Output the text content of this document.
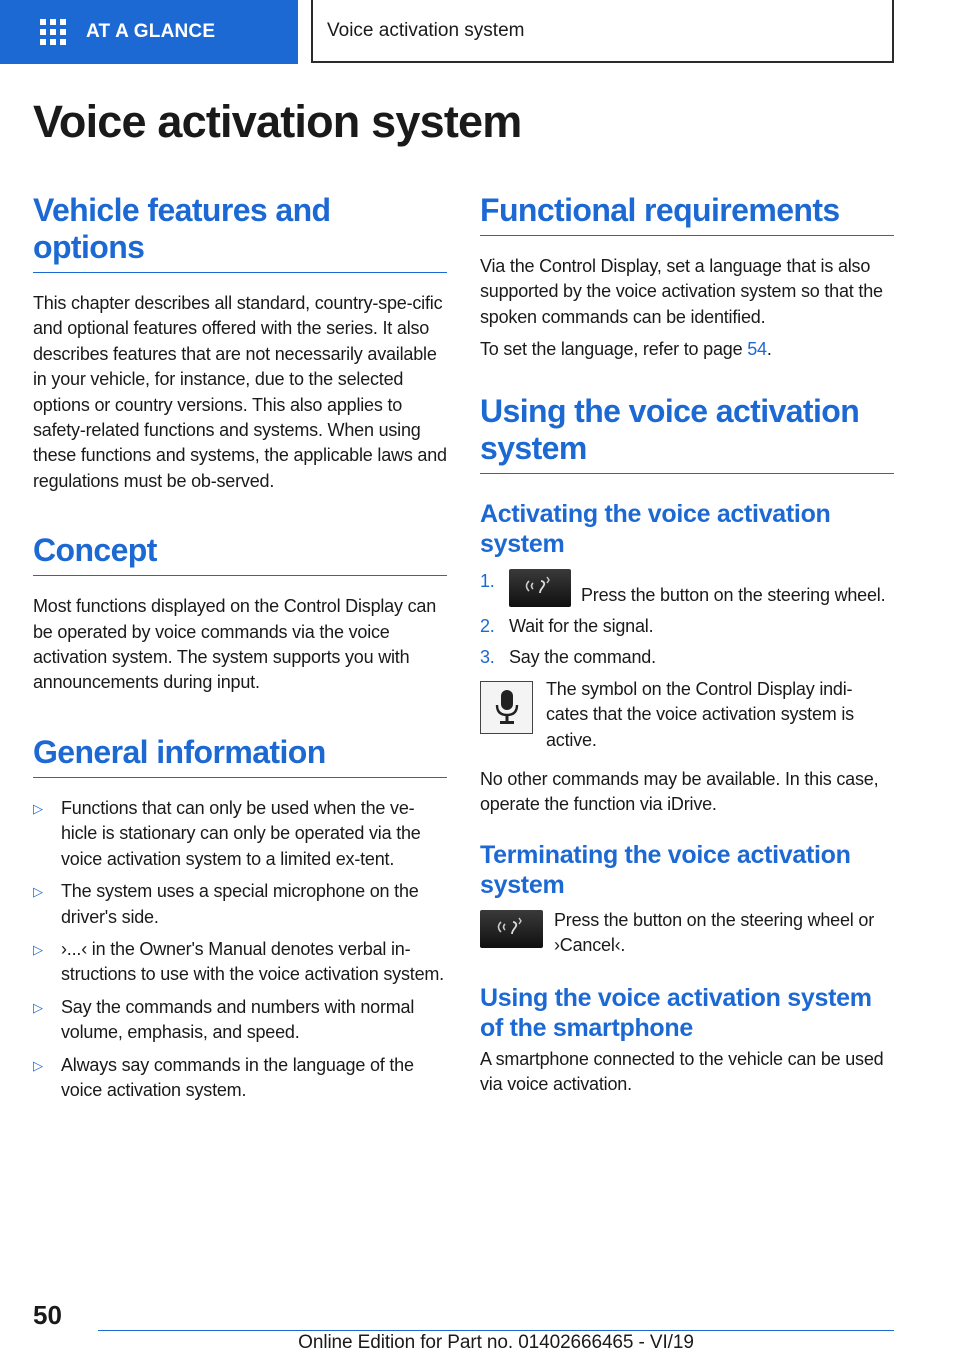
AT A GLANCE	Voice activation system
Voice activation system
Vehicle features and options

This chapter describes all standard, country-spe-cific and optional features offered with the series. It also describes features that are not necessarily available in your vehicle, for instance, due to the selected options or country versions. This also applies to safety-related functions and systems. When using these functions and systems, the applicable laws and regulations must be ob-served.

Concept

Most functions displayed on the Control Display can be operated by voice commands via the voice activation system. The system supports you with announcements during input.

General information
▷ Functions that can only be used when the ve-hicle is stationary can only be operated via the voice activation system to a limited ex-tent.
▷ The system uses a special microphone on the driver's side.
▷ ›...‹ in the Owner's Manual denotes verbal in-structions to use with the voice activation system.
▷ Say the commands and numbers with normal volume, emphasis, and speed.
▷ Always say commands in the language of the voice activation system.
Functional requirements

Via the Control Display, set a language that is also supported by the voice activation system so that the spoken commands can be identified.

To set the language, refer to page 54.

Using the voice activation system
Activating the voice activation system
1.
Press the button on the steering wheel.
2. Wait for the signal.
3. Say the command.

The symbol on the Control Display indi-cates that the voice activation system is active.

No other commands may be available. In this case, operate the function via iDrive.

Terminating the voice activation system

Press the button on the steering wheel or ›Cancel‹.

Using the voice activation system of the smartphone

A smartphone connected to the vehicle can be used via voice activation.

50
Online Edition for Part no. 01402666465 - VI/19
